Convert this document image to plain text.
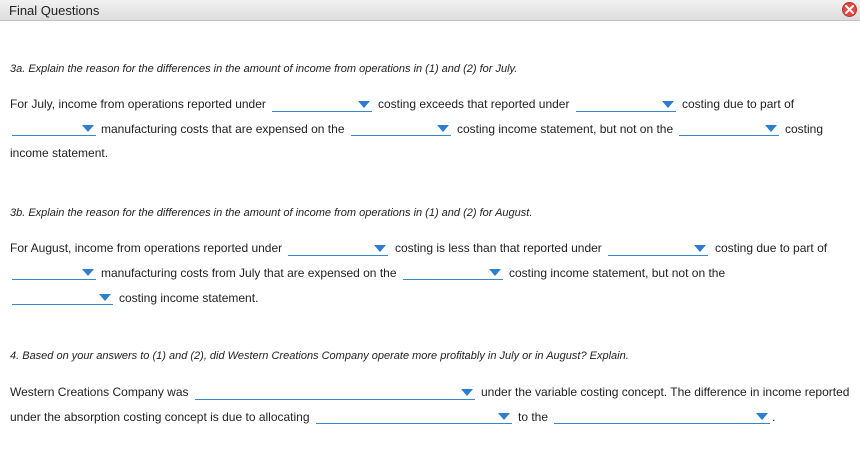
Final Questions
3a. Explain the reason for the differences in the amount of income from operations in (1) and (2) for July.
For July, income from operations reported under	costing exceeds that reported under	costing due to part of
manufacturing costs that are expensed on the	costing income statement, but not on the	costing
income statement.
3b. Explain the reason for the differences in the amount of income from operations in (1) and (2) for August.
For August, income from operations reported under	costing is less than that reported under	costing due to part of
manufacturing costs from July that are expensed on the	costing income statement, but not on the
costing income statement.
4. Based on your answers to (1) and (2), did Western Creations Company operate more profitably in July or in August? Explain.
Western Creations Company was	under the variable costing concept. The difference in income reported
under the absorption costing concept is due to allocating	to the	.
